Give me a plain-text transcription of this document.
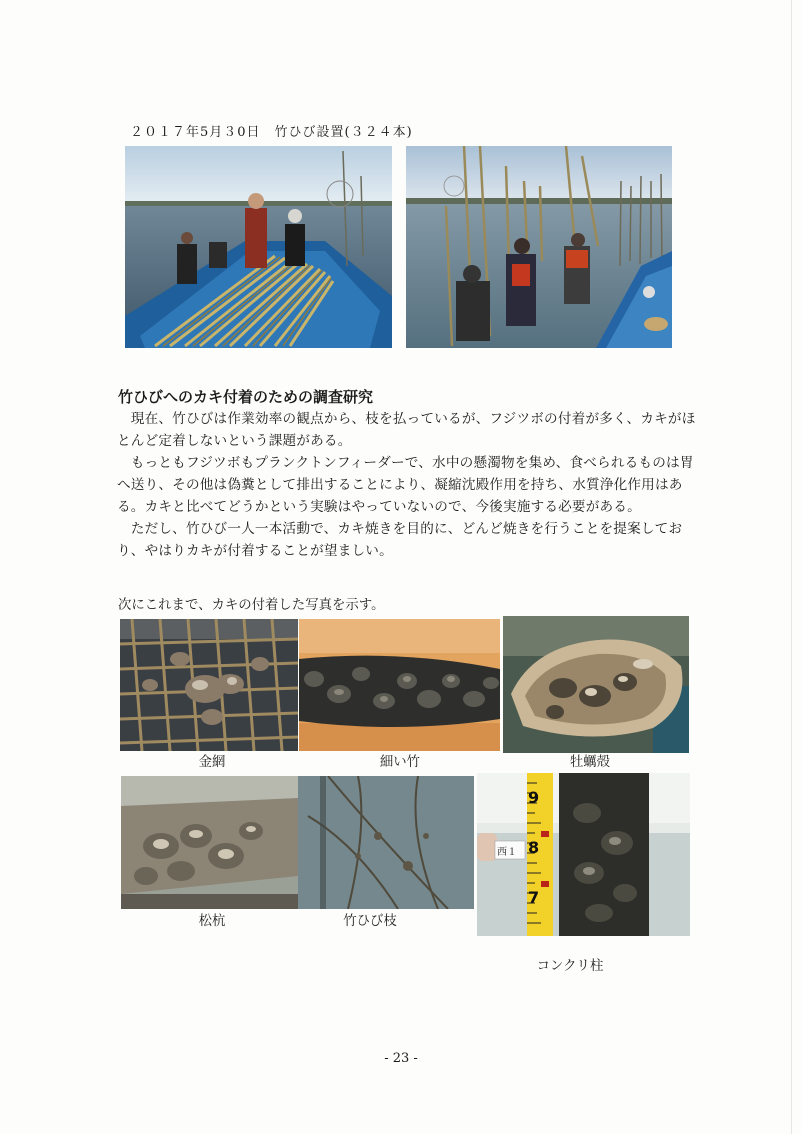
２０１７年5月３0日　竹ひび設置(３２４本)
竹ひびへのカキ付着のための調査研究
　現在、竹ひびは作業効率の観点から、枝を払っているが、フジツボの付着が多く、カキがほとんど定着しないという課題がある。
　もっともフジツボもプランクトンフィーダーで、水中の懸濁物を集め、食べられるものは胃へ送り、その他は偽糞として排出することにより、凝縮沈殿作用を持ち、水質浄化作用はある。カキと比べてどうかという実験はやっていないので、今後実施する必要がある。
　ただし、竹ひび一人一本活動で、カキ焼きを目的に、どんど焼きを行うことを提案しており、やはりカキが付着することが望ましい。
次にこれまで、カキの付着した写真を示す。
金網	細い竹	牡蠣殻
松杭	竹ひび枝
西１
9
8
7
コンクリ柱
- 23 -
